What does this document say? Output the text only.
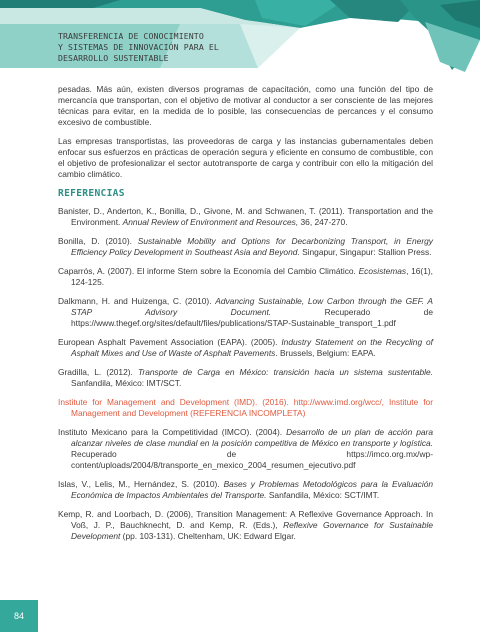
TRANSFERENCIA DE CONOCIMIENTO
Y SISTEMAS DE INNOVACIÓN PARA EL
DESARROLLO SUSTENTABLE

pesadas. Más aún, existen diversos programas de capacitación, como una función del tipo de mercancía que transportan, con el objetivo de motivar al conductor a ser consciente de las mejores técnicas para evitar, en la medida de lo posible, las consecuencias de percances y el consumo excesivo de combustible.

Las empresas transportistas, las proveedoras de carga y las instancias gubernamentales deben enfocar sus esfuerzos en prácticas de operación segura y eficiente en consumo de combustible, con el objetivo de profesionalizar el sector autotransporte de carga y contribuir con ello la mitigación del cambio climático.

REFERENCIAS

Banister, D., Anderton, K., Bonilla, D., Givone, M. and Schwanen, T. (2011). Transportation and the Environment. Annual Review of Environment and Resources, 36, 247-270.

Bonilla, D. (2010). Sustainable Mobility and Options for Decarbonizing Transport, in Energy Efficiency Policy Development in Southeast Asia and Beyond. Singapur, Singapur: Stallion Press.

Caparrós, A. (2007). El informe Stern sobre la Economía del Cambio Climático. Ecosistemas, 16(1), 124-125.

Dalkmann, H. and Huizenga, C. (2010). Advancing Sustainable, Low Carbon through the GEF. A STAP Advisory Document. Recuperado de https://www.thegef.org/sites/default/files/publications/STAP-Sustainable_transport_1.pdf

European Asphalt Pavement Association (EAPA). (2005). Industry Statement on the Recycling of Asphalt Mixes and Use of Waste of Asphalt Pavements. Brussels, Belgium: EAPA.

Gradilla, L. (2012). Transporte de Carga en México: transición hacia un sistema sustentable. Sanfandila, México: IMT/SCT.

Institute for Management and Development (IMD). (2016). http://www.imd.org/wcc/, Institute for Management and Development (REFERENCIA INCOMPLETA)

Instituto Mexicano para la Competitividad (IMCO). (2004). Desarrollo de un plan de acción para alcanzar niveles de clase mundial en la posición competitiva de México en transporte y logística. Recuperado de https://imco.org.mx/wp-content/uploads/2004/8/transporte_en_mexico_2004_resumen_ejecutivo.pdf

Islas, V., Lelis, M., Hernández, S. (2010). Bases y Problemas Metodológicos para la Evaluación Económica de Impactos Ambientales del Transporte. Sanfandila, México: SCT/IMT.

Kemp, R. and Loorbach, D. (2006), Transition Management: A Reflexive Governance Approach. In Voß, J. P., Bauchknecht, D. and Kemp, R. (Eds.), Reflexive Governance for Sustainable Development (pp. 103-131). Cheltenham, UK: Edward Elgar.

84
